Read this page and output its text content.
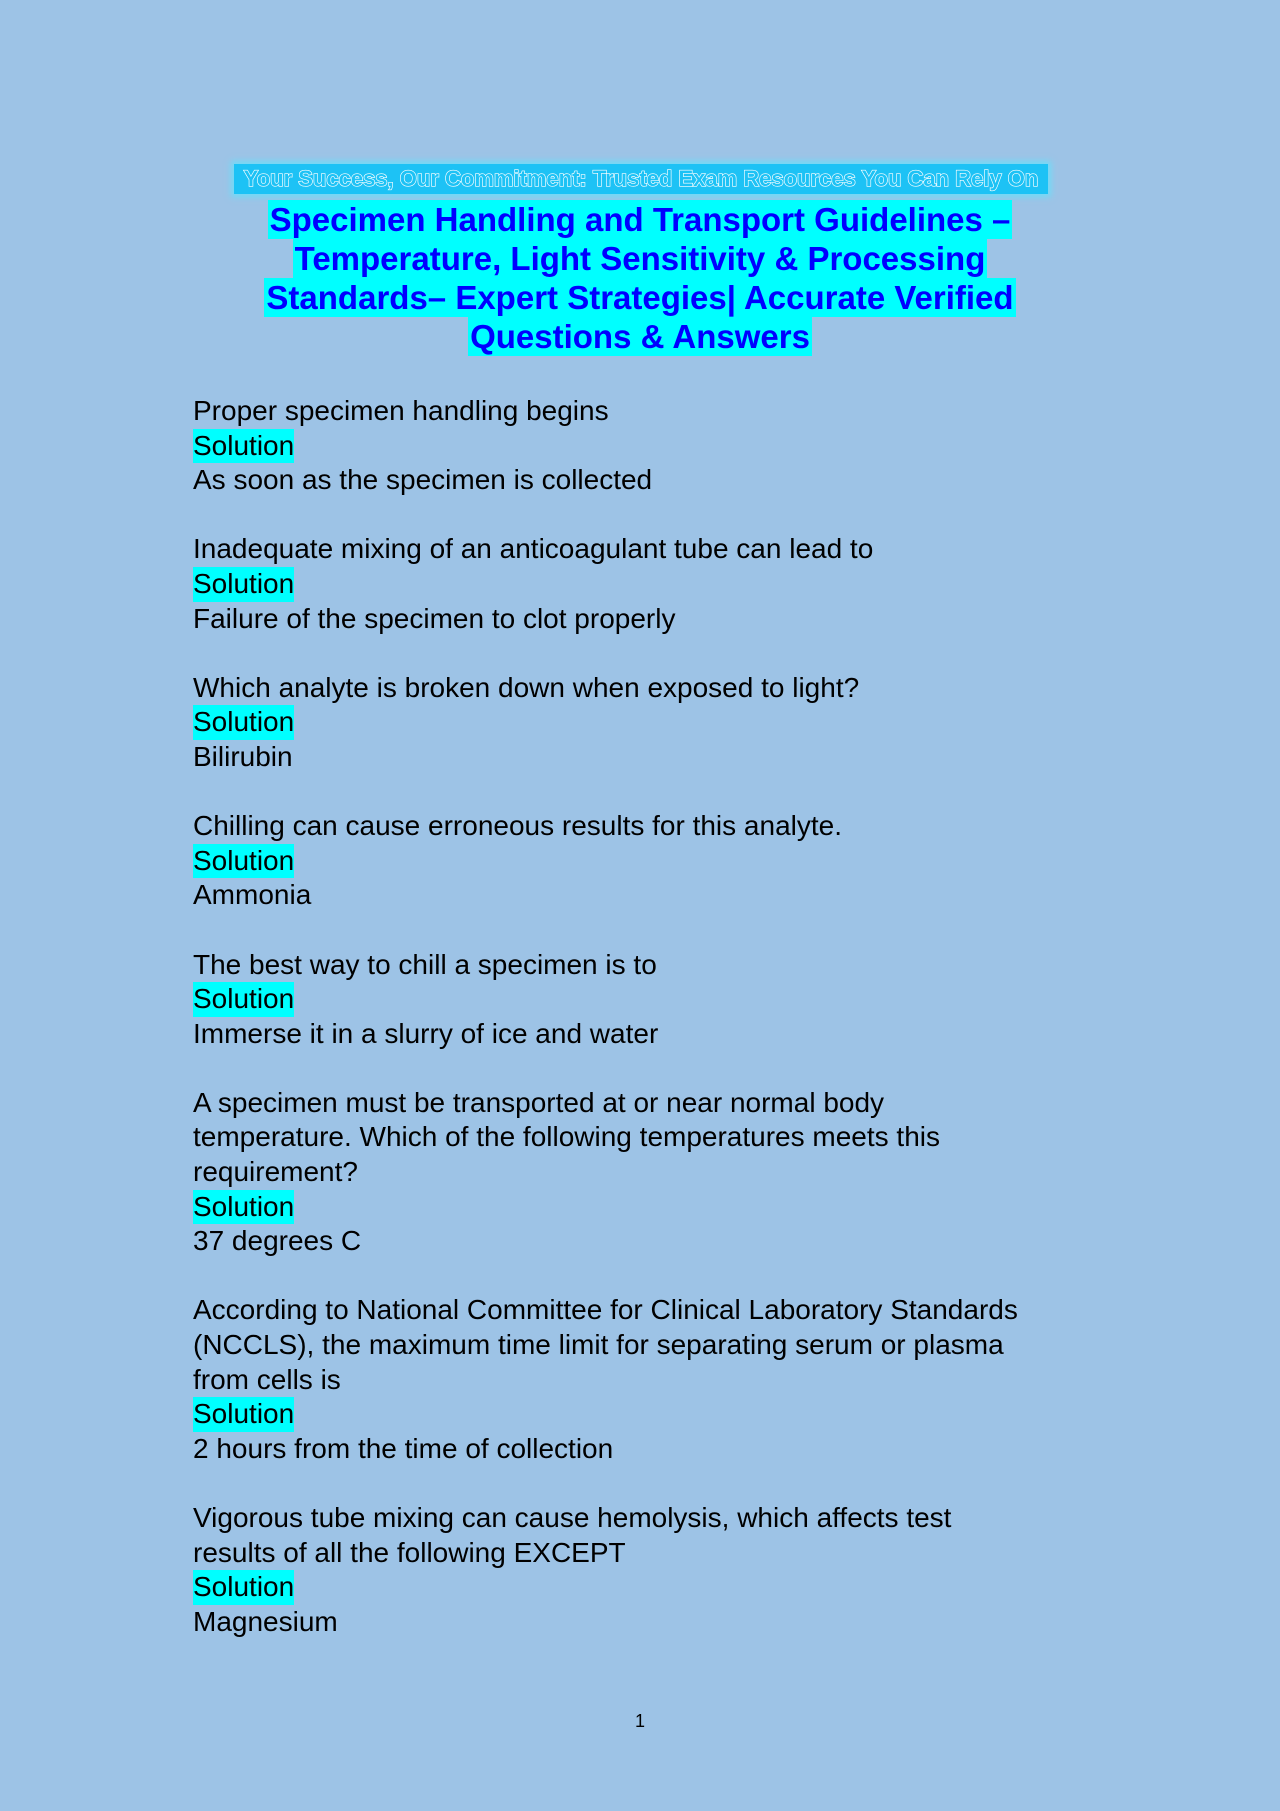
Your Success, Our Commitment: Trusted Exam Resources You Can Rely On
Specimen Handling and Transport Guidelines –
Temperature, Light Sensitivity & Processing
Standards– Expert Strategies| Accurate Verified
Questions & Answers
Proper specimen handling begins
Solution
As soon as the specimen is collected
Inadequate mixing of an anticoagulant tube can lead to
Solution
Failure of the specimen to clot properly
Which analyte is broken down when exposed to light?
Solution
Bilirubin
Chilling can cause erroneous results for this analyte.
Solution
Ammonia
The best way to chill a specimen is to
Solution
Immerse it in a slurry of ice and water
A specimen must be transported at or near normal body
temperature. Which of the following temperatures meets this
requirement?
Solution
37 degrees C
According to National Committee for Clinical Laboratory Standards
(NCCLS), the maximum time limit for separating serum or plasma
from cells is
Solution
2 hours from the time of collection
Vigorous tube mixing can cause hemolysis, which affects test
results of all the following EXCEPT
Solution
Magnesium
1
